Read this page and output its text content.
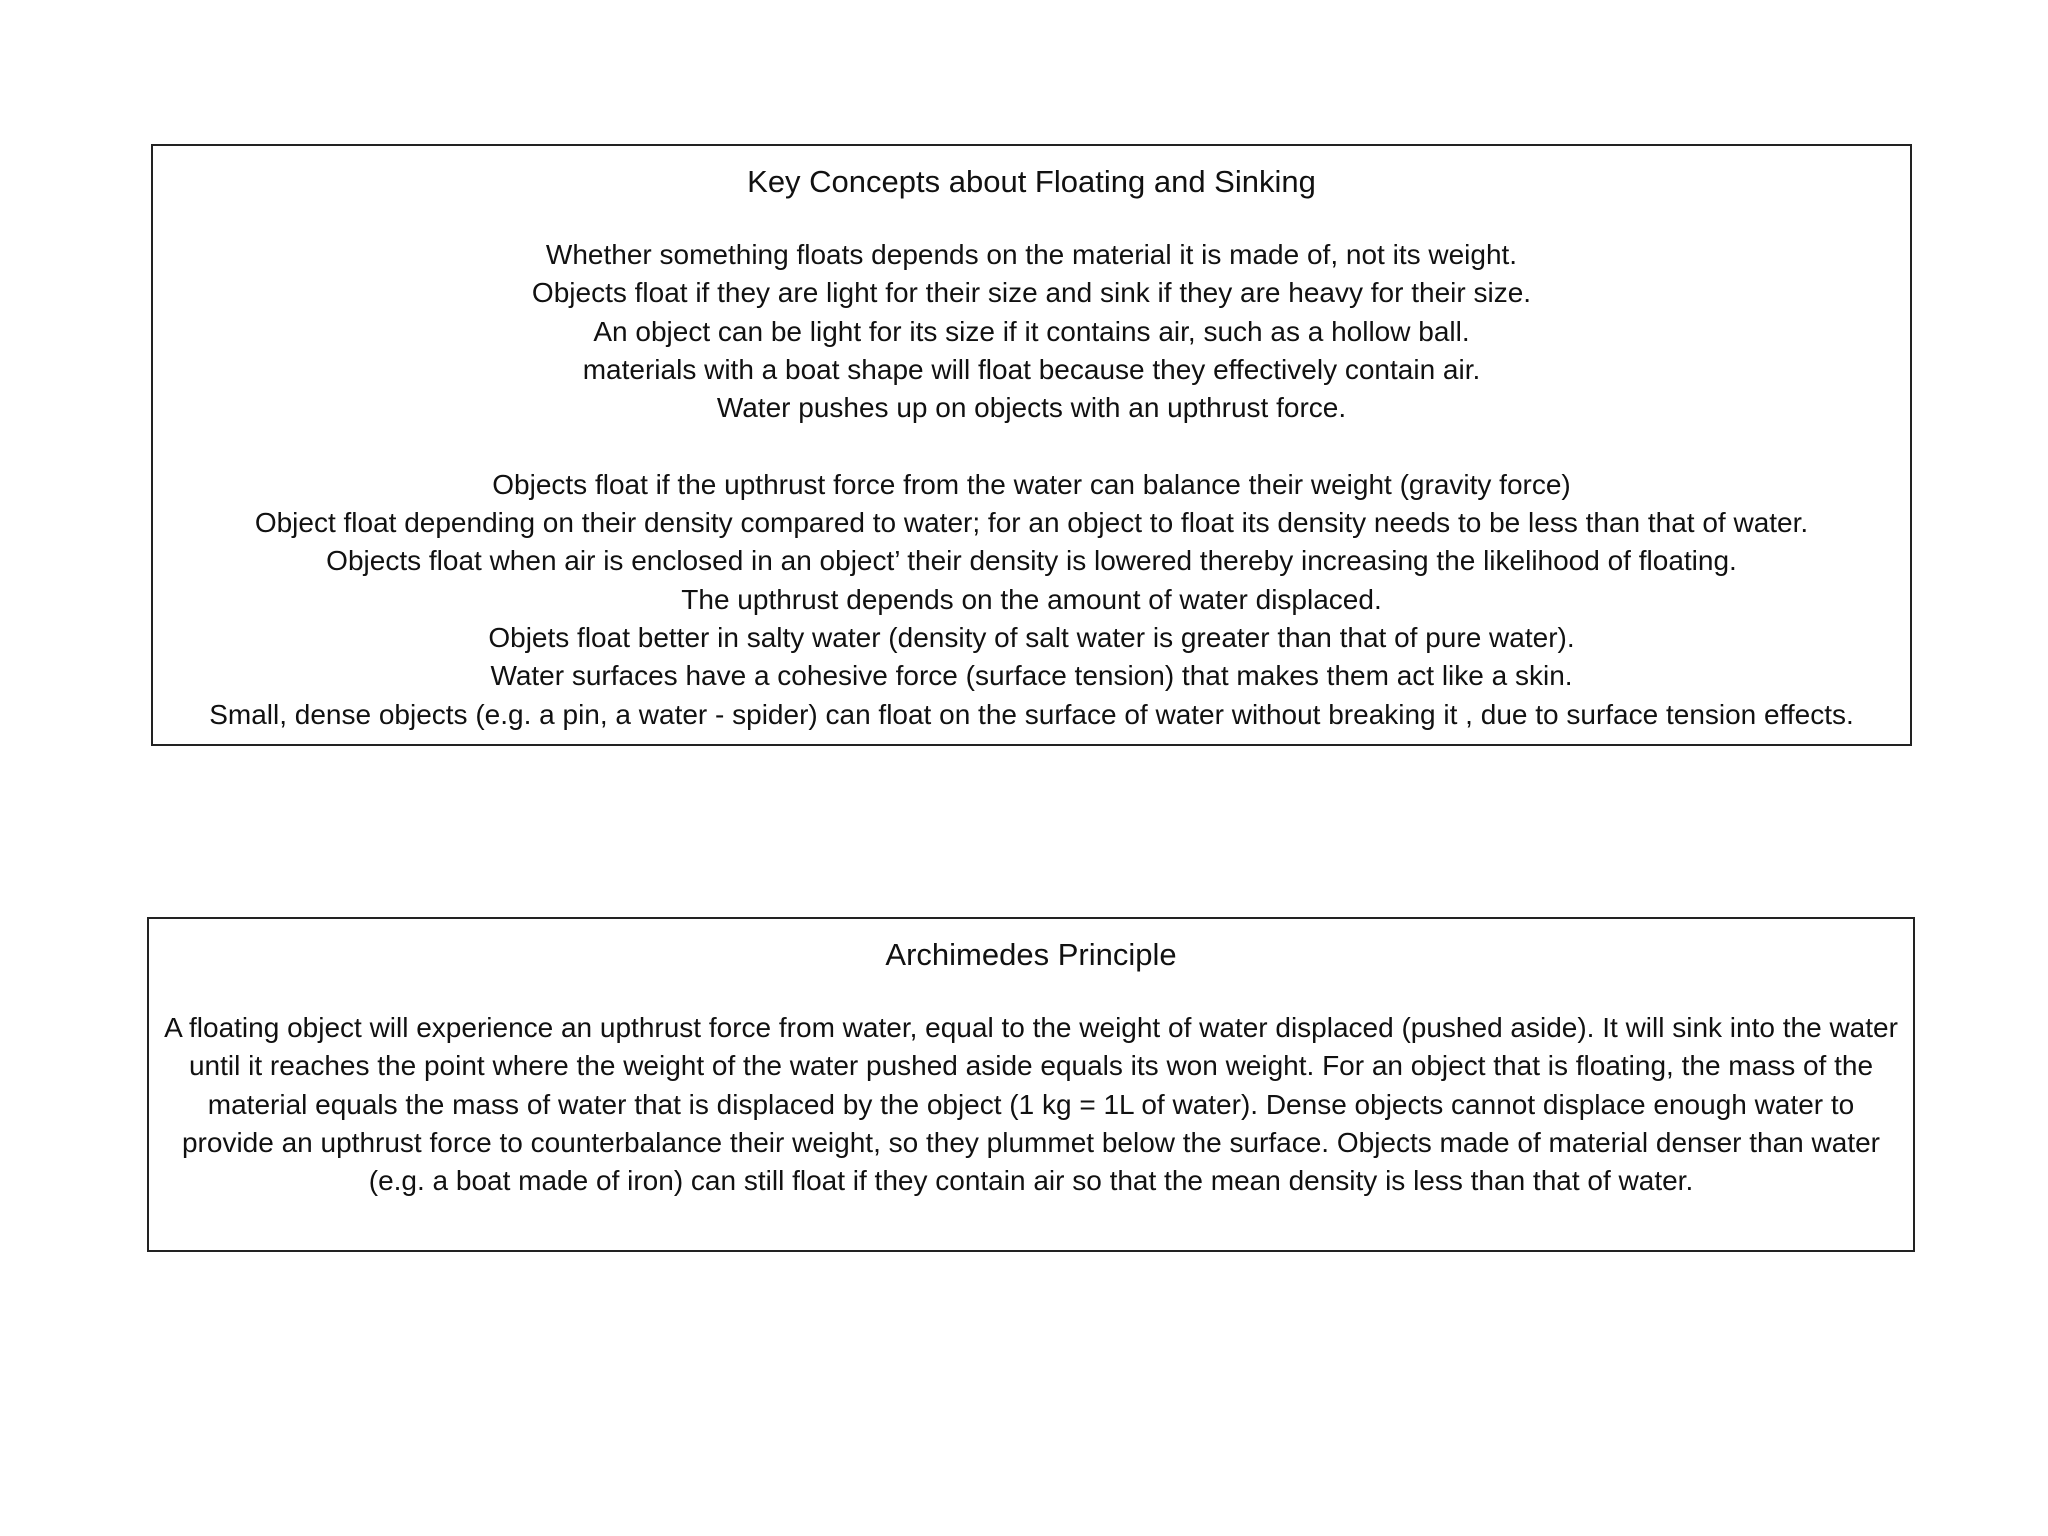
Key Concepts about Floating and Sinking
Whether something floats depends on the material it is made of, not its weight.
Objects float if they are light for their size and sink if they are heavy for their size.
An object can be light for its size if it contains air, such as a hollow ball.
materials with a boat shape will float because they effectively contain air.
Water pushes up on objects with an upthrust force.
Objects float if the upthrust force from the water can balance their weight (gravity force)
Object float depending on their density compared to water; for an object to float its density needs to be less than that of water.
Objects float when air is enclosed in an object’ their density is lowered thereby increasing the likelihood of floating.
The upthrust depends on the amount of water displaced.
Objets float better in salty water (density of salt water is greater than that of pure water).
Water surfaces have a cohesive force (surface tension) that makes them act like a skin.
Small, dense objects (e.g. a pin, a water - spider) can float on the surface of water without breaking it , due to surface tension effects.
Archimedes Principle

A floating object will experience an upthrust force from water, equal to the weight of water displaced (pushed aside). It will sink into the water until it reaches the point where the weight of the water pushed aside equals its won weight. For an object that is floating, the mass of the material equals the mass of water that is displaced by the object (1 kg = 1L of water). Dense objects cannot displace enough water to provide an upthrust force to counterbalance their weight, so they plummet below the surface. Objects made of material denser than water (e.g. a boat made of iron) can still float if they contain air so that the mean density is less than that of water.
